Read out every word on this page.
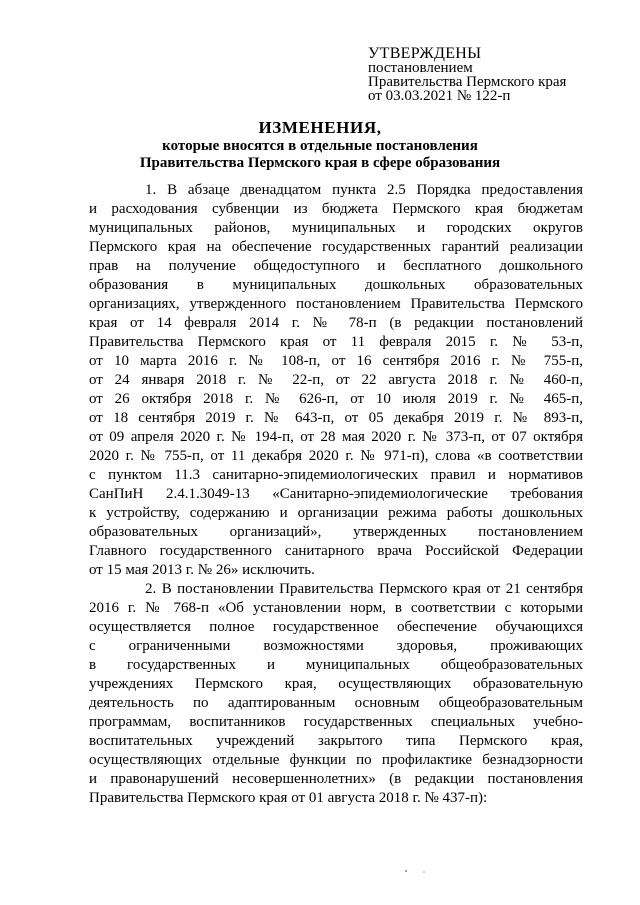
УТВЕРЖДЕНЫ
постановлением
Правительства Пермского края
от 03.03.2021 № 122-п
ИЗМЕНЕНИЯ,
которые вносятся в отдельные постановления
Правительства Пермского края в сфере образования
1. В абзаце двенадцатом пункта 2.5 Порядка предоставления
и расходования субвенции из бюджета Пермского края бюджетам
муниципальных районов, муниципальных и городских округов
Пермского края на обеспечение государственных гарантий реализации
прав на получение общедоступного и бесплатного дошкольного
образования в муниципальных дошкольных образовательных
организациях, утвержденного постановлением Правительства Пермского
края от 14 февраля 2014 г. № 78-п (в редакции постановлений
Правительства Пермского края от 11 февраля 2015 г. № 53-п,
от 10 марта 2016 г. № 108-п, от 16 сентября 2016 г. № 755-п,
от 24 января 2018 г. № 22-п, от 22 августа 2018 г. № 460-п,
от 26 октября 2018 г. № 626-п, от 10 июля 2019 г. № 465-п,
от 18 сентября 2019 г. № 643-п, от 05 декабря 2019 г. № 893-п,
от 09 апреля 2020 г. № 194-п, от 28 мая 2020 г. № 373-п, от 07 октября
2020 г. № 755-п, от 11 декабря 2020 г. № 971-п), слова «в соответствии
с пунктом 11.3 санитарно-эпидемиологических правил и нормативов
СанПиН 2.4.1.3049-13 «Санитарно-эпидемиологические требования
к устройству, содержанию и организации режима работы дошкольных
образовательных организаций», утвержденных постановлением
Главного государственного санитарного врача Российской Федерации
от 15 мая 2013 г. № 26» исключить.
2. В постановлении Правительства Пермского края от 21 сентября
2016 г. № 768-п «Об установлении норм, в соответствии с которыми
осуществляется полное государственное обеспечение обучающихся
с ограниченными возможностями здоровья, проживающих
в государственных и муниципальных общеобразовательных
учреждениях Пермского края, осуществляющих образовательную
деятельность по адаптированным основным общеобразовательным
программам, воспитанников государственных специальных учебно-
воспитательных учреждений закрытого типа Пермского края,
осуществляющих отдельные функции по профилактике безнадзорности
и правонарушений несовершеннолетних» (в редакции постановления
Правительства Пермского края от 01 августа 2018 г. № 437-п):
